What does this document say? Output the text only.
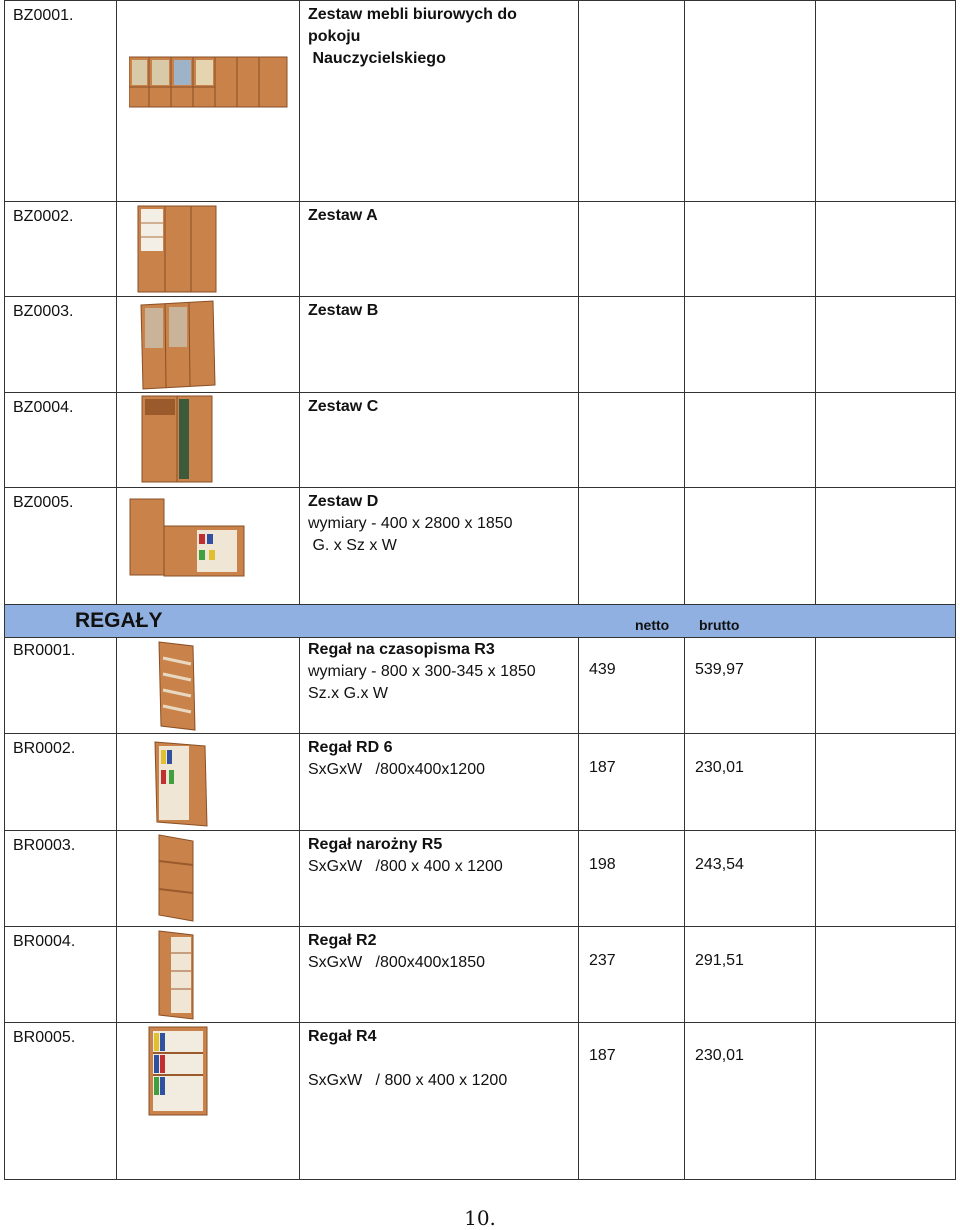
BZ0001.		Zestaw mebli biurowych do
pokoju
Nauczycielskiego			

BZ0002.		Zestaw A			

BZ0003.		Zestaw B			

BZ0004.		Zestaw C			

BZ0005.		Zestaw D
wymiary - 400 x 2800 x 1850
G. x Sz x W			

REGAŁY netto brutto					

BR0001.		Regał na czasopisma R3
wymiary - 800 x 300-345 x 1850
Sz.x G.x W	439	539,97	

BR0002.		Regał RD 6
SxGxW   /800x400x1200	187	230,01	

BR0003.		Regał narożny R5
SxGxW   /800 x 400 x 1200	198	243,54	

BR0004.		Regał R2
SxGxW   /800x400x1850	237	291,51	

BR0005.		Regał R4
SxGxW   / 800 x 400 x 1200	187	230,01	

10.
